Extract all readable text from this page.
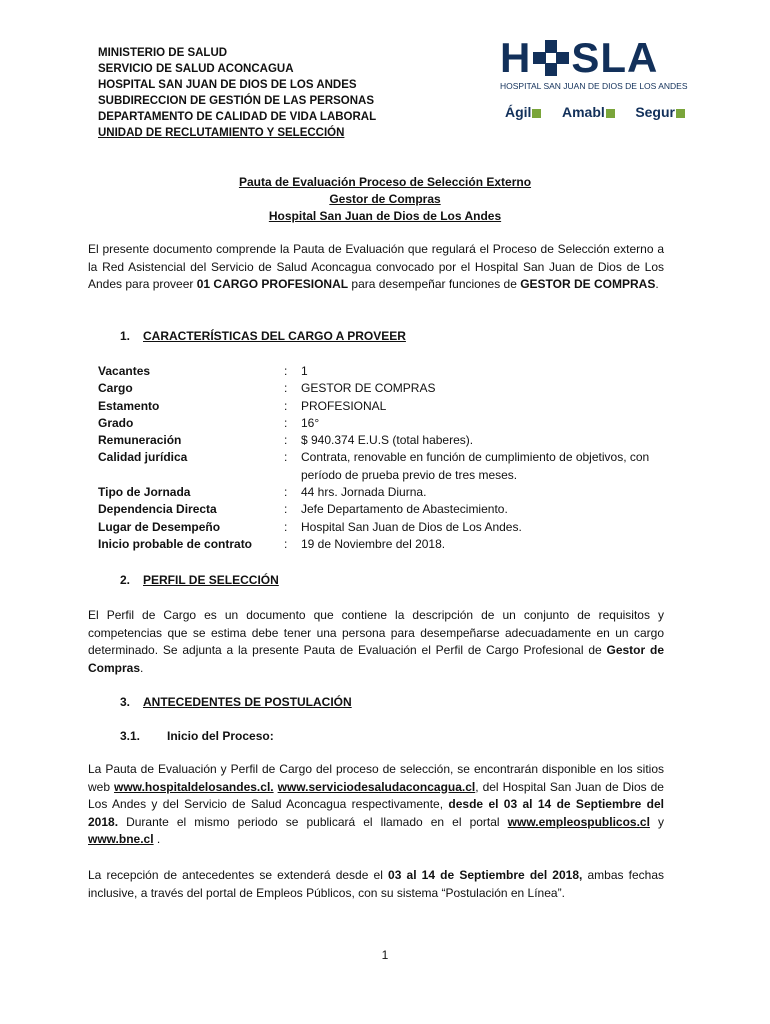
MINISTERIO DE SALUD
SERVICIO DE SALUD ACONCAGUA
HOSPITAL SAN JUAN DE DIOS DE LOS ANDES
SUBDIRECCION DE GESTIÓN DE LAS PERSONAS
DEPARTAMENTO DE CALIDAD DE VIDA LABORAL
UNIDAD DE RECLUTAMIENTO Y SELECCIÓN
H SLA
HOSPITAL SAN JUAN DE DIOS DE LOS ANDES
Ágil	Amabl	Segur
Pauta de Evaluación Proceso de Selección Externo
Gestor de Compras
Hospital San Juan de Dios de Los Andes
El presente documento comprende la Pauta de Evaluación que regulará el Proceso de Selección externo a la Red Asistencial del Servicio de Salud Aconcagua convocado por el Hospital San Juan de Dios de Los Andes para proveer 01 CARGO PROFESIONAL para desempeñar funciones de GESTOR DE COMPRAS.
1. CARACTERÍSTICAS DEL CARGO A PROVEER
Vacantes	:	1
Cargo	:	GESTOR DE COMPRAS
Estamento	:	PROFESIONAL
Grado	:	16°
Remuneración	:	$ 940.374 E.U.S (total haberes).
Calidad jurídica	:	Contrata, renovable en función de cumplimiento de objetivos, con período de prueba previo de tres meses.
Tipo de Jornada	:	44 hrs. Jornada Diurna.
Dependencia Directa	:	Jefe Departamento de Abastecimiento.
Lugar de Desempeño	:	Hospital San Juan de Dios de Los Andes.
Inicio probable de contrato	:	19 de Noviembre del 2018.
2. PERFIL DE SELECCIÓN
El Perfil de Cargo es un documento que contiene la descripción de un conjunto de requisitos y competencias que se estima debe tener una persona para desempeñarse adecuadamente en un cargo determinado. Se adjunta a la presente Pauta de Evaluación el Perfil de Cargo Profesional de Gestor de Compras.
3. ANTECEDENTES DE POSTULACIÓN
3.1. Inicio del Proceso:
La Pauta de Evaluación y Perfil de Cargo del proceso de selección, se encontrarán disponible en los sitios web www.hospitaldelosandes.cl. www.serviciodesaludaconcagua.cl, del Hospital San Juan de Dios de Los Andes y del Servicio de Salud Aconcagua respectivamente, desde el 03 al 14 de Septiembre del 2018. Durante el mismo periodo se publicará el llamado en el portal www.empleospublicos.cl y www.bne.cl .
La recepción de antecedentes se extenderá desde el 03 al 14 de Septiembre del 2018, ambas fechas inclusive, a través del portal de Empleos Públicos, con su sistema “Postulación en Línea”.
1
